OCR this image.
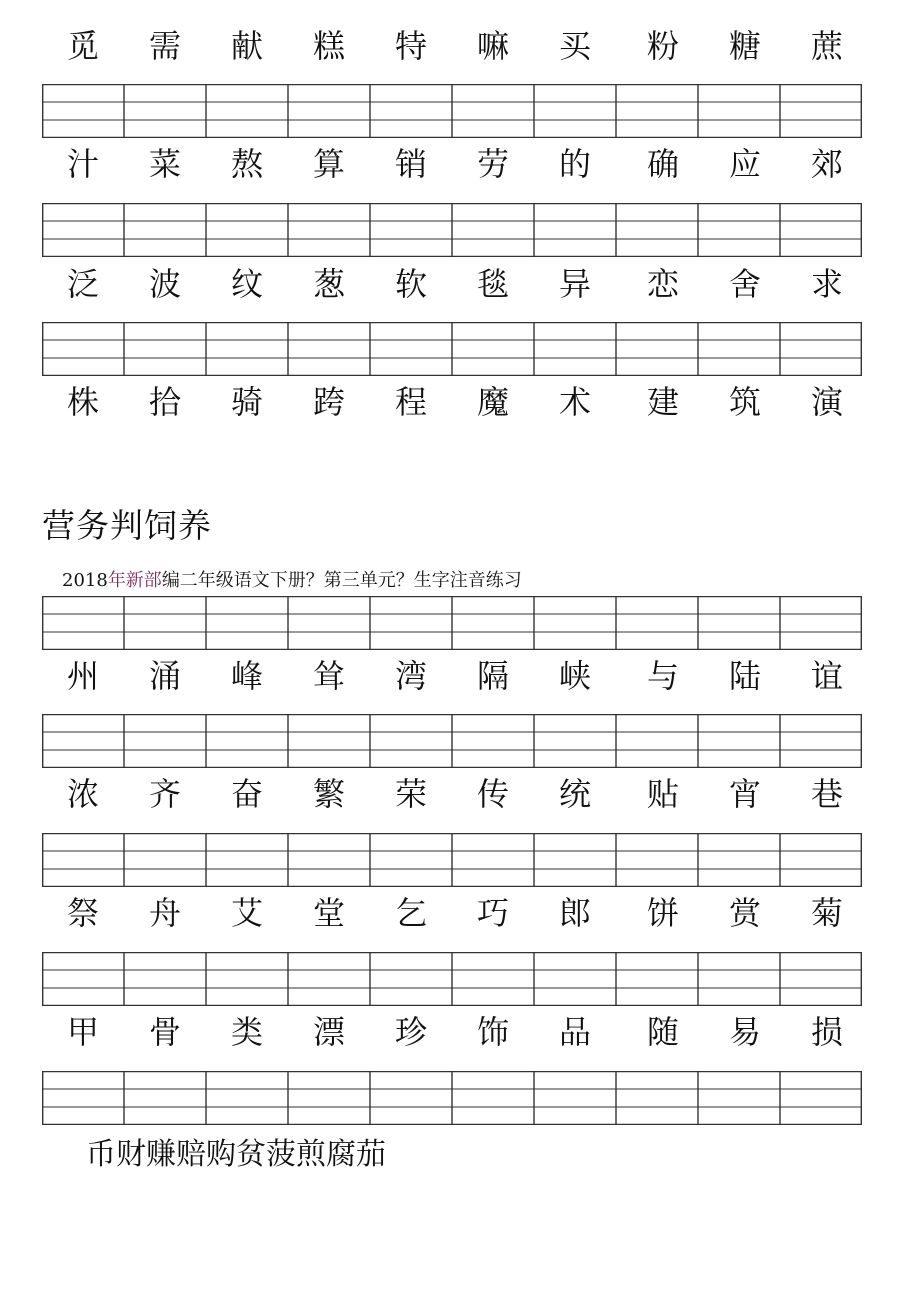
觅	需	献	糕	特	嘛	买	粉	糖	蔗
汁	菜	熬	算	销	劳	的	确	应	郊
泛	波	纹	葱	软	毯	异	恋	舍	求
株	拾	骑	跨	程	魔	术	建	筑	演
营务判饲养
2018年新部编二年级语文下册？第三单元？生字注音练习
州	涌	峰	耸	湾	隔	峡	与	陆	谊
浓	齐	奋	繁	荣	传	统	贴	宵	巷
祭	舟	艾	堂	乞	巧	郎	饼	赏	菊
甲	骨	类	漂	珍	饰	品	随	易	损
币财赚赔购贫菠煎腐茄
